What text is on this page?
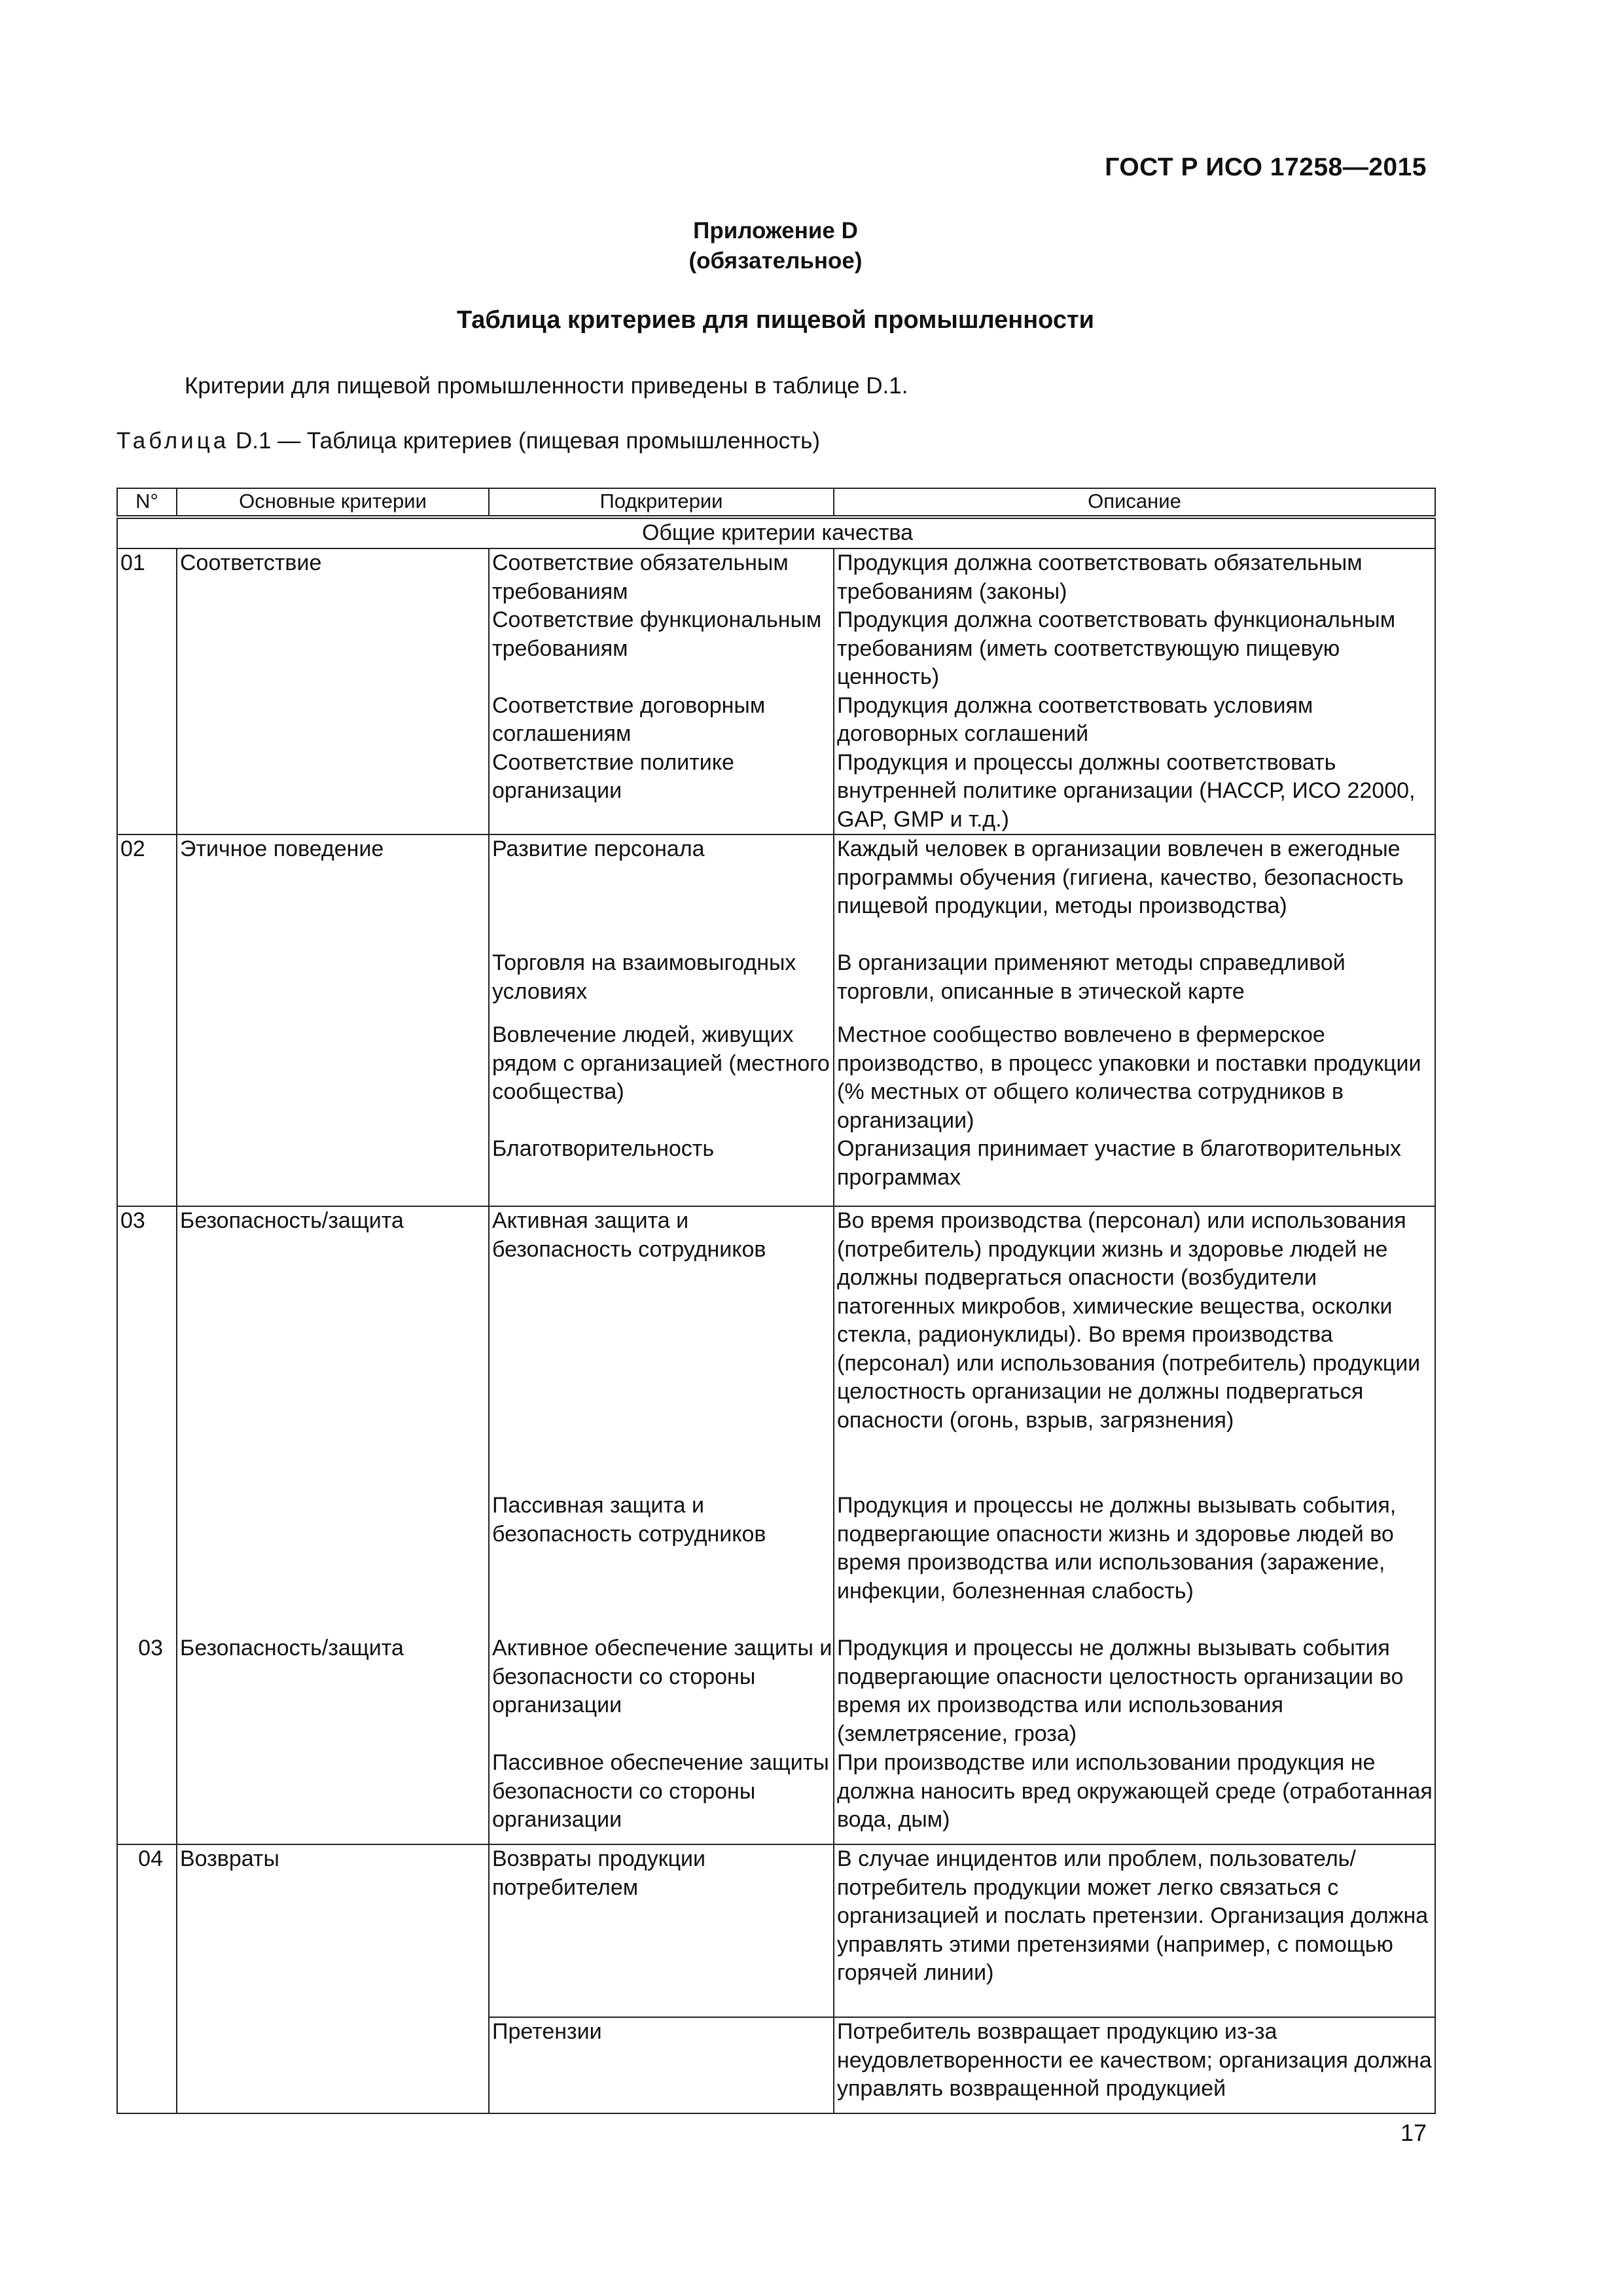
ГОСТ Р ИСО 17258—2015
Приложение D
(обязательное)
Таблица критериев для пищевой промышленности
Критерии для пищевой промышленности приведены в таблице D.1.
Таблица D.1 — Таблица критериев (пищевая промышленность)
N°	Основные критерии	Подкритерии	Описание
Общие критерии качества			
01	Соответствие	Соответствие обязательным требованиям	Продукция должна соответствовать обязательным требованиям (законы)
		Соответствие функциональным требованиям	Продукция должна соответствовать функциональным требованиям (иметь соответствующую пищевую ценность)
		Соответствие договорным соглашениям	Продукция должна соответствовать условиям договорных соглашений
		Соответствие политике организации	Продукция и процессы должны соответствовать внутренней политике организации (НАССР, ИСО 22000, GAP, GMP и т.д.)
02	Этичное поведение	Развитие персонала	Каждый человек в организации вовлечен в ежегодные программы обучения (гигиена, качество, безопасность пищевой продукции, методы производства)
		Торговля на взаимовыгодных условиях	В организации применяют методы справедливой торговли, описанные в этической карте
		Вовлечение людей, живущих рядом с организацией (местного сообщества)	Местное сообщество вовлечено в фермерское производство, в процесс упаковки и поставки продукции (% местных от общего количества сотрудников в организации)
		Благотворительность	Организация принимает участие в благотворительных программах
03	Безопасность/защита	Активная защита и безопасность сотрудников	Во время производства (персонал) или использования (потребитель) продукции жизнь и здоровье людей не должны подвергаться опасности (возбудители патогенных микробов, химические вещества, осколки стекла, радионуклиды). Во время производства (персонал) или использования (потребитель) продукции целостность организации не должны подвергаться опасности (огонь, взрыв, загрязнения)
		Пассивная защита и безопасность сотрудников	Продукция и процессы не должны вызывать события, подвергающие опасности жизнь и здоровье людей во время производства или использования (заражение, инфекции, болезненная слабость)
03	Безопасность/защита	Активное обеспечение защиты и безопасности со стороны организации	Продукция и процессы не должны вызывать события подвергающие опасности целостность организации во время их производства или использования (землетрясение, гроза)
		Пассивное обеспечение защиты безопасности со стороны организации	При производстве или использовании продукция не должна наносить вред окружающей среде (отработанная вода, дым)
04	Возвраты	Возвраты продукции потребителем	В случае инцидентов или проблем, пользователь/потребитель продукции может легко связаться с организацией и послать претензии. Организация должна управлять этими претензиями (например, с помощью горячей линии)
		Претензии	Потребитель возвращает продукцию из-за неудовлетворенности ее качеством; организация должна управлять возвращенной продукцией
17
